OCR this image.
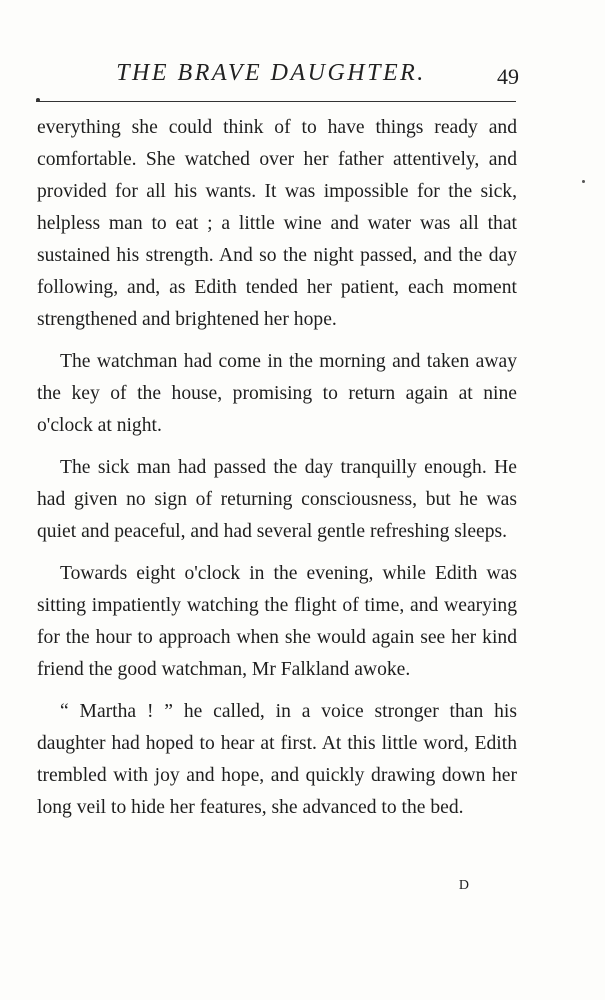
THE BRAVE DAUGHTER.	49

everything she could think of to have things ready and comfortable. She watched over her father attentively, and provided for all his wants. It was impossible for the sick, helpless man to eat ; a little wine and water was all that sustained his strength. And so the night passed, and the day following, and, as Edith tended her patient, each moment strengthened and brightened her hope.

The watchman had come in the morning and taken away the key of the house, promising to return again at nine o'clock at night.

The sick man had passed the day tranquilly enough. He had given no sign of returning consciousness, but he was quiet and peaceful, and had several gentle refreshing sleeps.

Towards eight o'clock in the evening, while Edith was sitting impatiently watching the flight of time, and wearying for the hour to approach when she would again see her kind friend the good watchman, Mr Falkland awoke.

“ Martha ! ” he called, in a voice stronger than his daughter had hoped to hear at first. At this little word, Edith trembled with joy and hope, and quickly drawing down her long veil to hide her features, she advanced to the bed.

D
